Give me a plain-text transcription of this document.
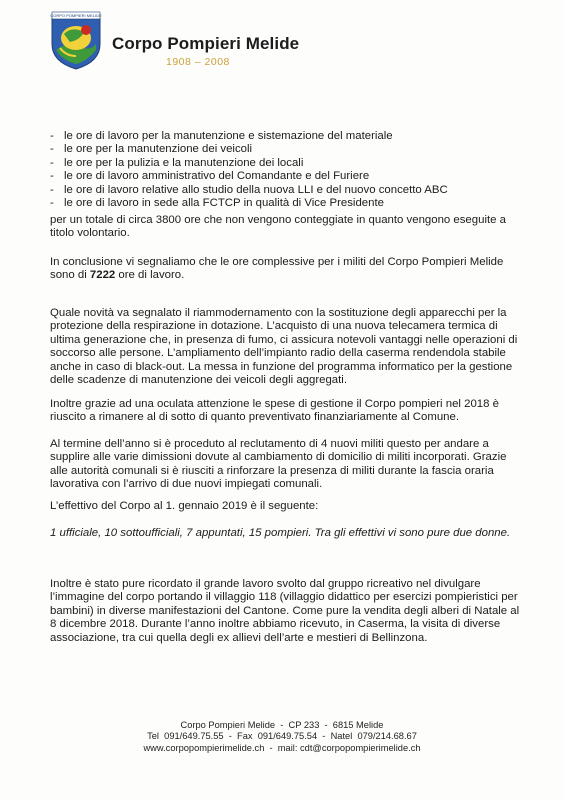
CORPO POMPIERI MELIDE
Corpo Pompieri Melide
1908 – 2008
- le ore di lavoro per la manutenzione e sistemazione del materiale
- le ore per la manutenzione dei veicoli
- le ore per la pulizia e la manutenzione dei locali
- le ore di lavoro amministrativo del Comandante e del Furiere
- le ore di lavoro relative allo studio della nuova LLI e del nuovo concetto ABC
- le ore di lavoro in sede alla FCTCP in qualità di Vice Presidente
per un totale di circa 3800 ore che non vengono conteggiate in quanto vengono eseguite a titolo volontario.
In conclusione vi segnaliamo che le ore complessive per i militi del Corpo Pompieri Melide sono di 7222 ore di lavoro.
Quale novità va segnalato il riammodernamento con la sostituzione degli apparecchi per la protezione della respirazione in dotazione. L’acquisto di una nuova telecamera termica di ultima generazione che, in presenza di fumo, ci assicura notevoli vantaggi nelle operazioni di soccorso alle persone. L’ampliamento dell’impianto radio della caserma rendendola stabile anche in caso di black-out. La messa in funzione del programma informatico per la gestione delle scadenze di manutenzione dei veicoli degli aggregati.
Inoltre grazie ad una oculata attenzione le spese di gestione il Corpo pompieri nel 2018 è riuscito a rimanere al di sotto di quanto preventivato finanziariamente al Comune.
Al termine dell’anno si è proceduto al reclutamento di 4 nuovi militi questo per andare a supplire alle varie dimissioni dovute al cambiamento di domicilio di militi incorporati. Grazie alle autorità comunali si è riusciti a rinforzare la presenza di militi durante la fascia oraria lavorativa con l’arrivo di due nuovi impiegati comunali.
L’effettivo del Corpo al 1. gennaio 2019 è il seguente:
1 ufficiale, 10 sottoufficiali, 7 appuntati, 15 pompieri. Tra gli effettivi vi sono pure due donne.
Inoltre è stato pure ricordato il grande lavoro svolto dal gruppo ricreativo nel divulgare l’immagine del corpo portando il villaggio 118 (villaggio didattico per esercizi pompieristici per bambini) in diverse manifestazioni del Cantone. Come pure la vendita degli alberi di Natale al 8 dicembre 2018. Durante l’anno inoltre abbiamo ricevuto, in Caserma, la visita di diverse associazione, tra cui quella degli ex allievi dell’arte e mestieri di Bellinzona.
Corpo Pompieri Melide  -  CP 233  -  6815 Melide
Tel  091/649.75.55  -  Fax  091/649.75.54  -  Natel  079/214.68.67
www.corpopompierimelide.ch  -  mail: cdt@corpopompierimelide.ch
